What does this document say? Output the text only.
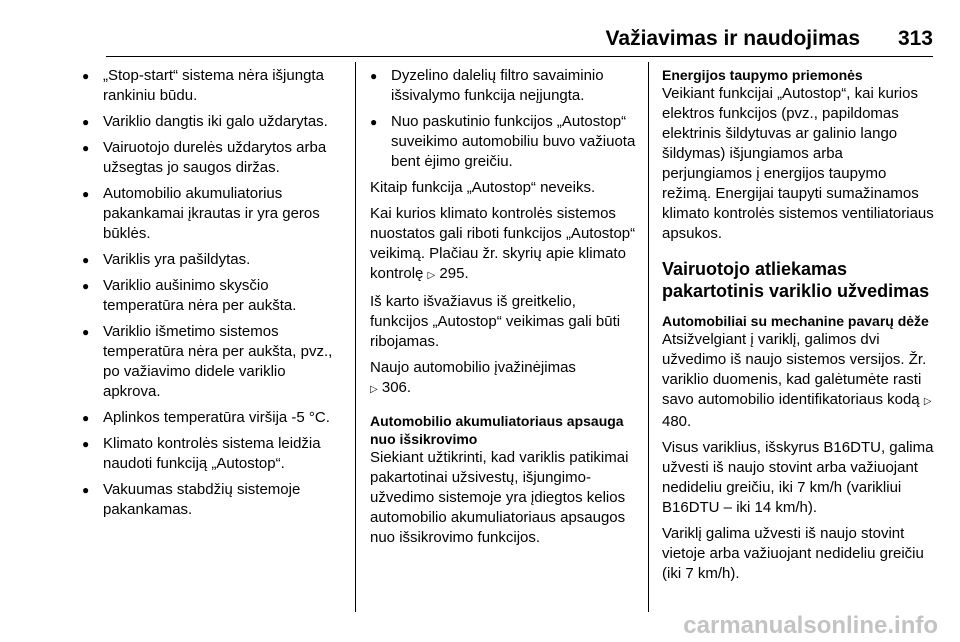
Važiavimas ir naudojimas	313
● „Stop-start“ sistema nėra išjungta rankiniu būdu.
● Variklio dangtis iki galo uždarytas.
● Vairuotojo durelės uždarytos arba užsegtas jo saugos diržas.
● Automobilio akumuliatorius pakankamai įkrautas ir yra geros būklės.
● Variklis yra pašildytas.
● Variklio aušinimo skysčio temperatūra nėra per aukšta.
● Variklio išmetimo sistemos temperatūra nėra per aukšta, pvz., po važiavimo didele variklio apkrova.
● Aplinkos temperatūra viršija -5 °C.
● Klimato kontrolės sistema leidžia naudoti funkciją „Autostop“.
● Vakuumas stabdžių sistemoje pakankamas.
● Dyzelino dalelių filtro savaiminio išsivalymo funkcija neįjungta.
● Nuo paskutinio funkcijos „Autostop“ suveikimo automobiliu buvo važiuota bent ėjimo greičiu.

Kitaip funkcija „Autostop“ neveiks.

Kai kurios klimato kontrolės sistemos nuostatos gali riboti funkcijos „Autostop“ veikimą. Plačiau žr. skyrių apie klimato kontrolę ▷ 295.

Iš karto išvažiavus iš greitkelio, funkcijos „Autostop“ veikimas gali būti ribojamas.

Naujo automobilio įvažinėjimas
▷ 306.

Automobilio akumuliatoriaus apsauga nuo išsikrovimo

Siekiant užtikrinti, kad variklis patikimai pakartotinai užsivestų, išjungimo-užvedimo sistemoje yra įdiegtos kelios automobilio akumuliatoriaus apsaugos nuo išsikrovimo funkcijos.

Energijos taupymo priemonės

Veikiant funkcijai „Autostop“, kai kurios elektros funkcijos (pvz., papildomas elektrinis šildytuvas ar galinio lango šildymas) išjungiamos arba perjungiamos į energijos taupymo režimą. Energijai taupyti sumažinamos klimato kontrolės sistemos ventiliatoriaus apsukos.

Vairuotojo atliekamas pakartotinis variklio užvedimas
Automobiliai su mechanine pavarų dėže

Atsižvelgiant į variklį, galimos dvi užvedimo iš naujo sistemos versijos. Žr. variklio duomenis, kad galėtumėte rasti savo automobilio identifikatoriaus kodą ▷ 480.

Visus variklius, išskyrus B16DTU, galima užvesti iš naujo stovint arba važiuojant nedideliu greičiu, iki 7 km/h (varikliui B16DTU – iki 14 km/h).

Variklį galima užvesti iš naujo stovint vietoje arba važiuojant nedideliu greičiu (iki 7 km/h).

carmanualsonline.info
